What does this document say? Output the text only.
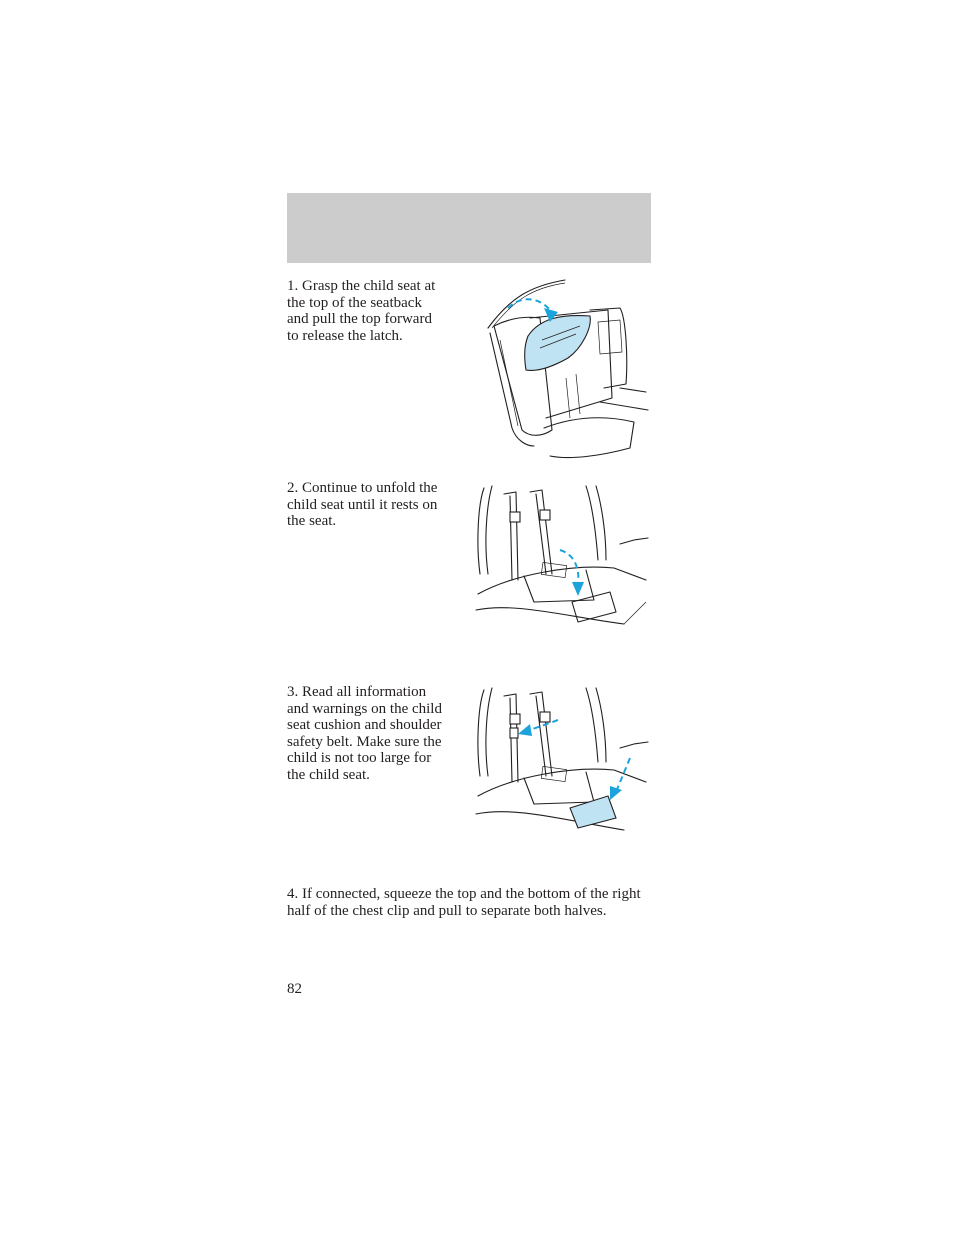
1. Grasp the child seat at the top of the seatback and pull the top forward to release the latch.

2. Continue to unfold the child seat until it rests on the seat.

3. Read all information and warnings on the child seat cushion and shoulder safety belt. Make sure the child is not too large for the child seat.

4. If connected, squeeze the top and the bottom of the right half of the chest clip and pull to separate both halves.

82
